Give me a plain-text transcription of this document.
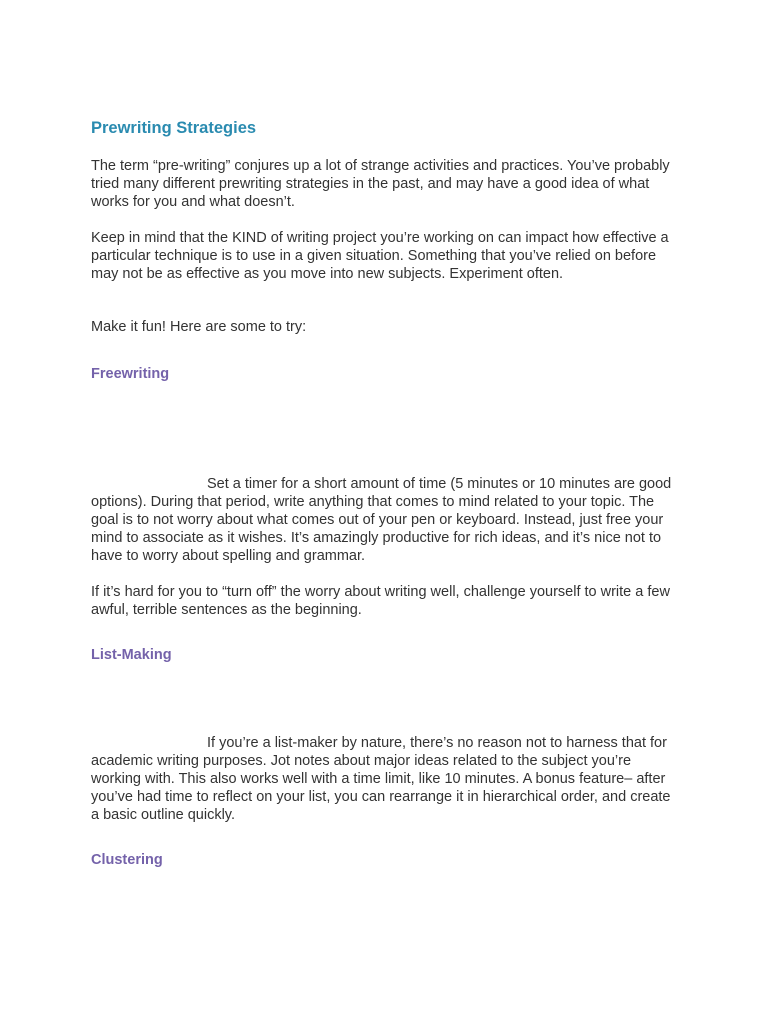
Prewriting Strategies

The term “pre-writing” conjures up a lot of strange activities and practices. You’ve probably tried many different prewriting strategies in the past, and may have a good idea of what works for you and what doesn’t.

Keep in mind that the KIND of writing project you’re working on can impact how effective a particular technique is to use in a given situation. Something that you’ve relied on before may not be as effective as you move into new subjects. Experiment often.

Make it fun! Here are some to try:

Freewriting

Set a timer for a short amount of time (5 minutes or 10 minutes are good options). During that period, write anything that comes to mind related to your topic. The goal is to not worry about what comes out of your pen or keyboard. Instead, just free your mind to associate as it wishes. It’s amazingly productive for rich ideas, and it’s nice not to have to worry about spelling and grammar.

If it’s hard for you to “turn off” the worry about writing well, challenge yourself to write a few awful, terrible sentences as the beginning.

List-Making

If you’re a list-maker by nature, there’s no reason not to harness that for academic writing purposes. Jot notes about major ideas related to the subject you’re working with. This also works well with a time limit, like 10 minutes. A bonus feature– after you’ve had time to reflect on your list, you can rearrange it in hierarchical order, and create a basic outline quickly.

Clustering
